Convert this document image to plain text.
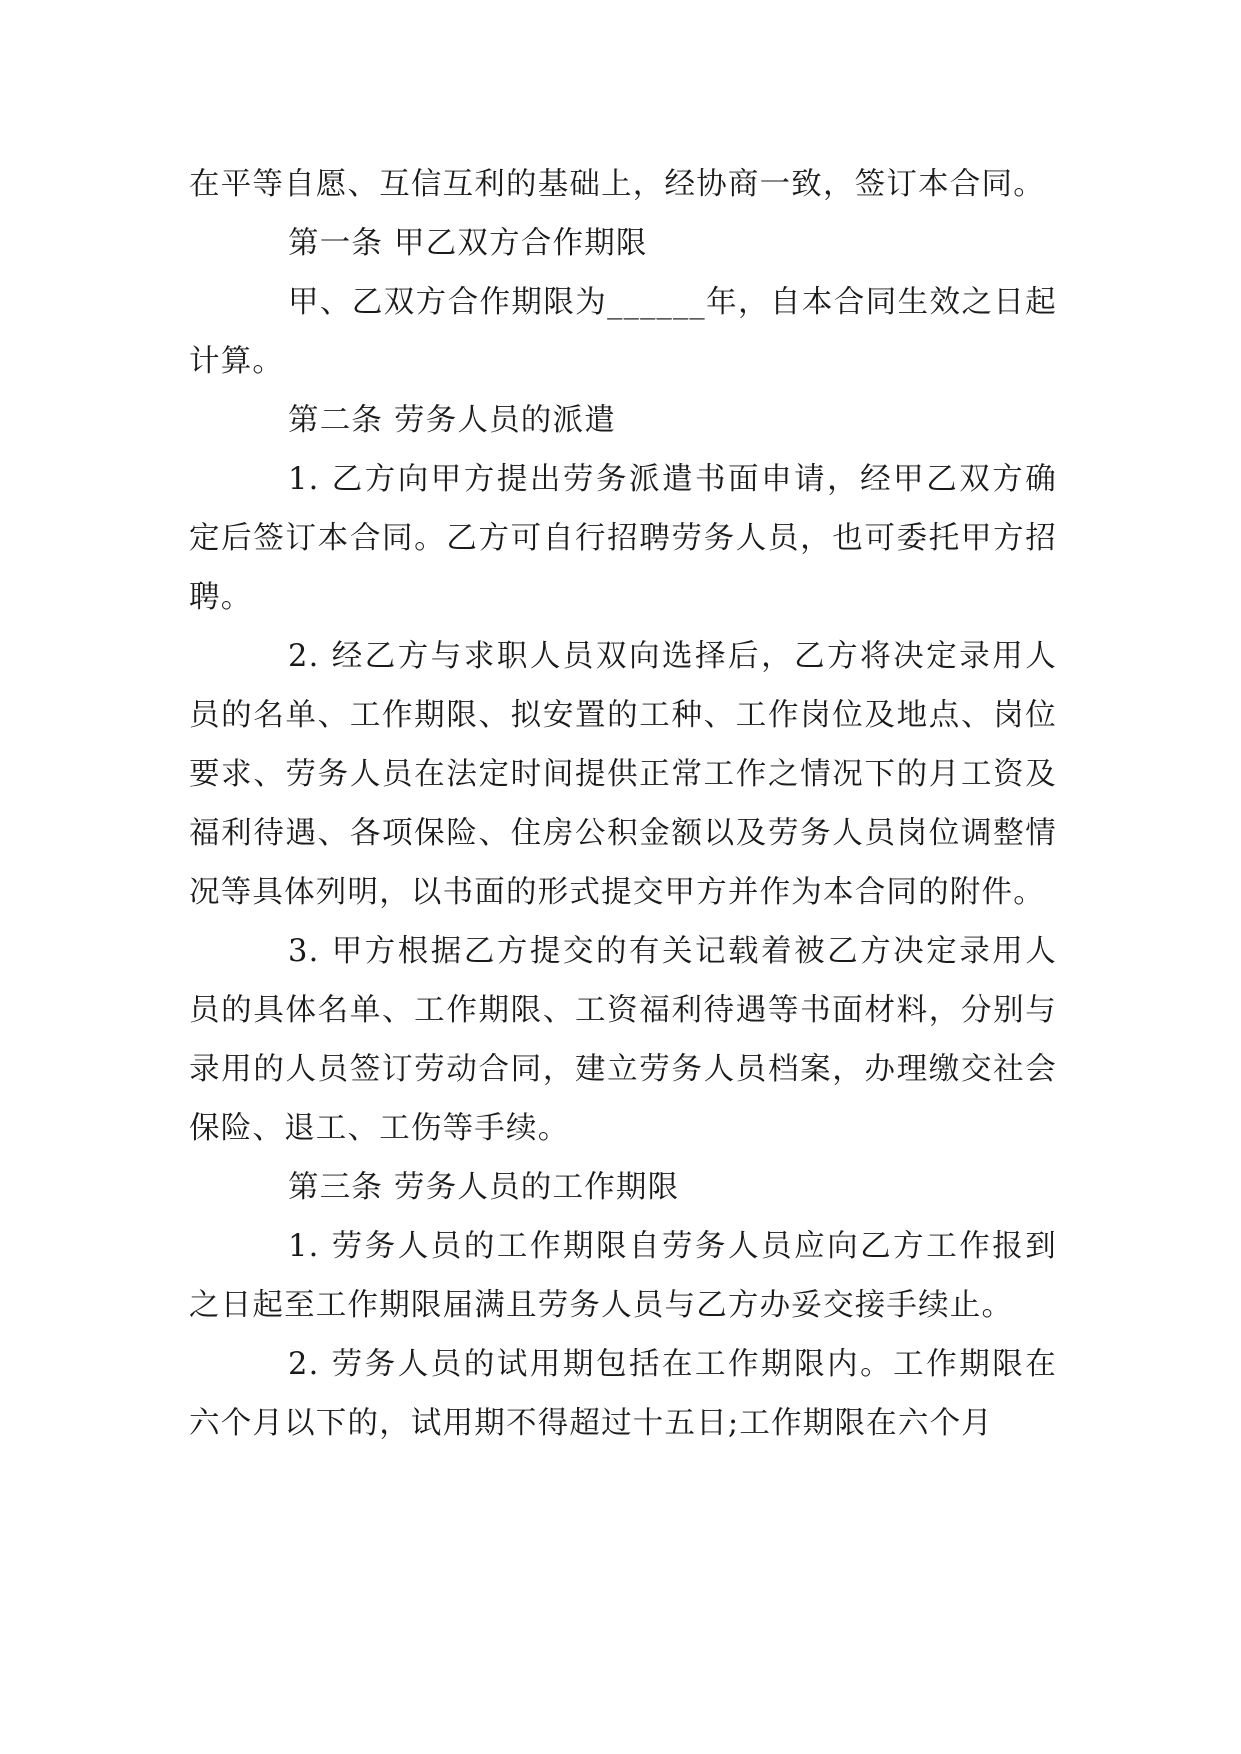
在平等自愿、互信互利的基础上，经协商一致，签订本合同。

第一条 甲乙双方合作期限

甲、乙双方合作期限为______年，自本合同生效之日起计算。

第二条 劳务人员的派遣

1. 乙方向甲方提出劳务派遣书面申请，经甲乙双方确定后签订本合同。乙方可自行招聘劳务人员，也可委托甲方招聘。

2. 经乙方与求职人员双向选择后，乙方将决定录用人员的名单、工作期限、拟安置的工种、工作岗位及地点、岗位要求、劳务人员在法定时间提供正常工作之情况下的月工资及福利待遇、各项保险、住房公积金额以及劳务人员岗位调整情况等具体列明，以书面的形式提交甲方并作为本合同的附件。

3. 甲方根据乙方提交的有关记载着被乙方决定录用人员的具体名单、工作期限、工资福利待遇等书面材料，分别与录用的人员签订劳动合同，建立劳务人员档案，办理缴交社会保险、退工、工伤等手续。

第三条 劳务人员的工作期限

1. 劳务人员的工作期限自劳务人员应向乙方工作报到之日起至工作期限届满且劳务人员与乙方办妥交接手续止。

2. 劳务人员的试用期包括在工作期限内。工作期限在六个月以下的，试用期不得超过十五日;工作期限在六个月
